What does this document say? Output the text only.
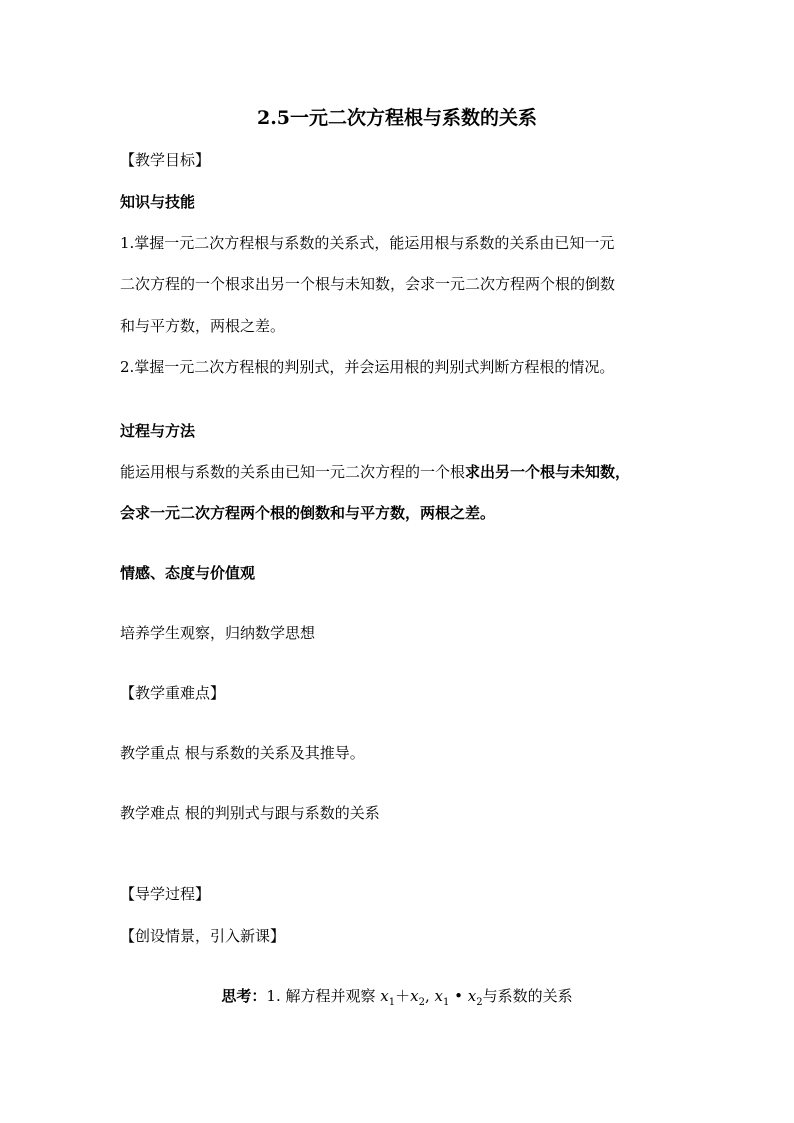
2.5一元二次方程根与系数的关系
【教学目标】
知识与技能
1.掌握一元二次方程根与系数的关系式，能运用根与系数的关系由已知一元
二次方程的一个根求出另一个根与未知数，会求一元二次方程两个根的倒数
和与平方数，两根之差。
2.掌握一元二次方程根的判别式，并会运用根的判别式判断方程根的情况。
过程与方法
能运用根与系数的关系由已知一元二次方程的一个根求出另一个根与未知数，
会求一元二次方程两个根的倒数和与平方数，两根之差。
情感、态度与价值观
培养学生观察，归纳数学思想
【教学重难点】
教学重点 根与系数的关系及其推导。
教学难点 根的判别式与跟与系数的关系
【导学过程】
【创设情景，引入新课】
思考：1. 解方程并观察 $x_1+x_2$, $x_1$ • $x_2$与系数的关系
